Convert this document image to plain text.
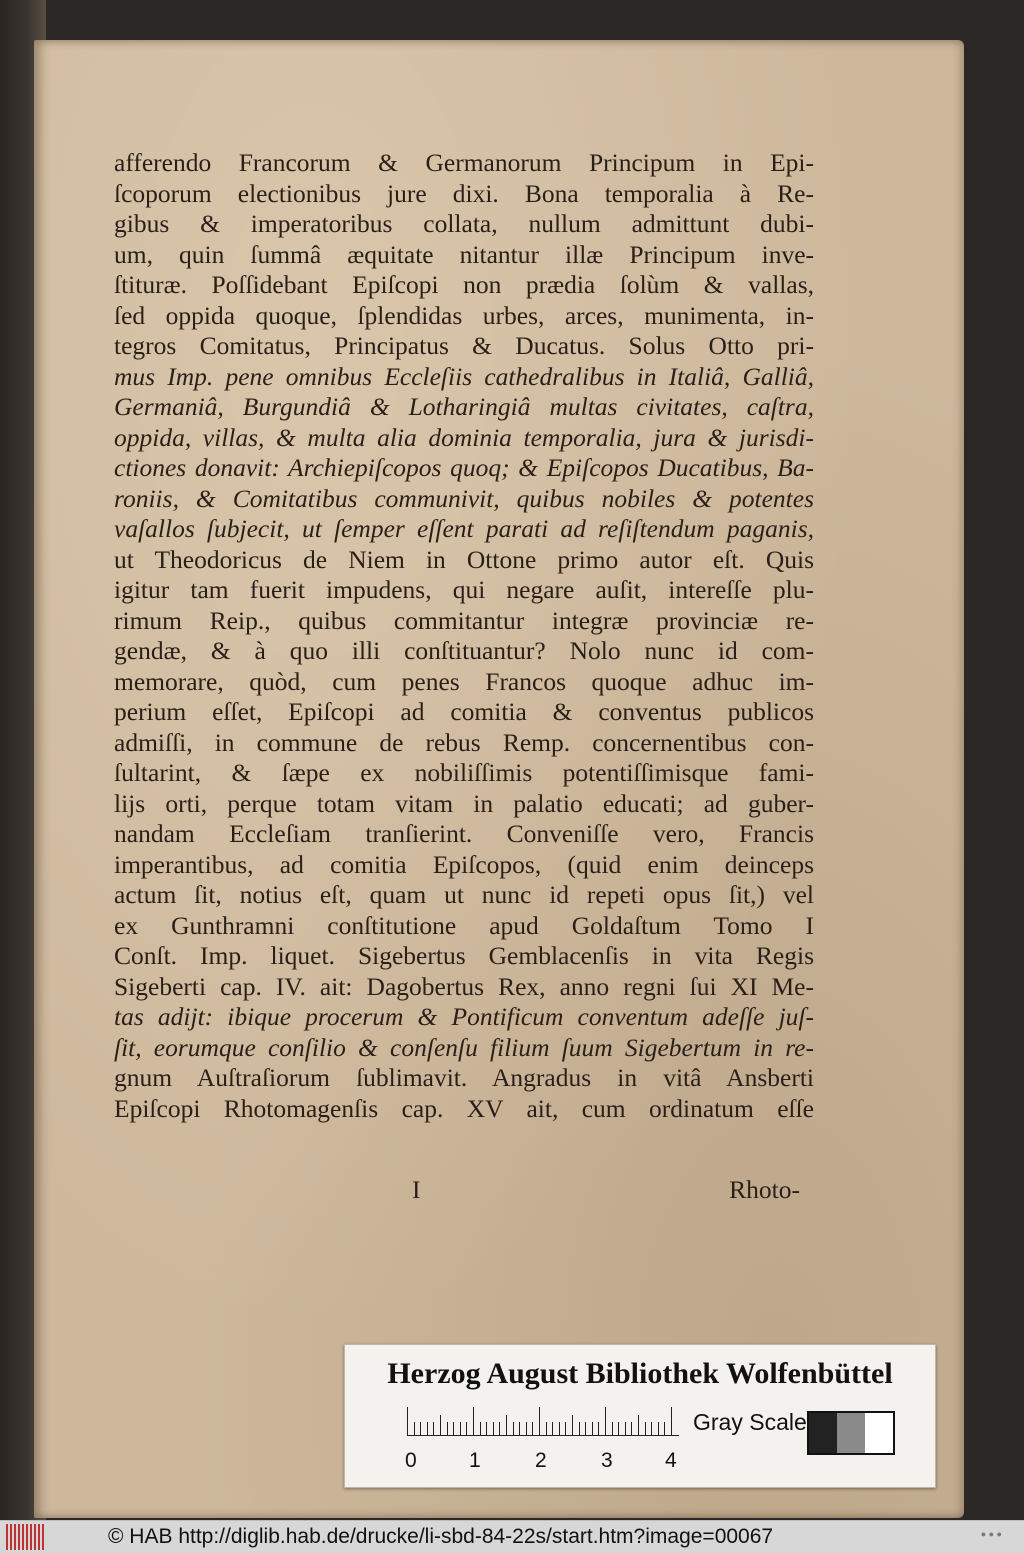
afferendo Francorum & Germanorum Principum in Epi-
ſcoporum electionibus jure dixi. Bona temporalia à Re-
gibus & imperatoribus collata, nullum admittunt dubi-
um, quin ſummâ æquitate nitantur illæ Principum inve-
ſtituræ. Poſſidebant Epiſcopi non prædia ſolùm & vallas,
ſed oppida quoque, ſplendidas urbes, arces, munimenta, in-
tegros Comitatus, Principatus & Ducatus. Solus Otto pri-
mus Imp. pene omnibus Eccleſiis cathedralibus in Italiâ, Galliâ,
Germaniâ, Burgundiâ & Lotharingiâ multas civitates, caſtra,
oppida, villas, & multa alia dominia temporalia, jura & jurisdi-
ctiones donavit: Archiepiſcopos quoq; & Epiſcopos Ducatibus, Ba-
roniis, & Comitatibus communivit, quibus nobiles & potentes
vaſallos ſubjecit, ut ſemper eſſent parati ad reſiſtendum paganis,
ut Theodoricus de Niem in Ottone primo autor eſt. Quis
igitur tam fuerit impudens, qui negare auſit, intereſſe plu-
rimum Reip., quibus commitantur integræ provinciæ re-
gendæ, & à quo illi conſtituantur? Nolo nunc id com-
memorare, quòd, cum penes Francos quoque adhuc im-
perium eſſet, Epiſcopi ad comitia & conventus publicos
admiſſi, in commune de rebus Remp. concernentibus con-
ſultarint, & ſæpe ex nobiliſſimis potentiſſimisque fami-
lijs orti, perque totam vitam in palatio educati; ad guber-
nandam Eccleſiam tranſierint. Conveniſſe vero, Francis
imperantibus, ad comitia Epiſcopos, (quid enim deinceps
actum ſit, notius eſt, quam ut nunc id repeti opus ſit,) vel
ex Gunthramni conſtitutione apud Goldaſtum Tomo I
Conſt. Imp. liquet. Sigebertus Gemblacenſis in vita Regis
Sigeberti cap. IV. ait: Dagobertus Rex, anno regni ſui XI Me-
tas adijt: ibique procerum & Pontificum conventum adeſſe juſ-
ſit, eorumque conſilio & conſenſu filium ſuum Sigebertum in re-
gnum Auſtraſiorum ſublimavit. Angradus in vitâ Ansberti
Epiſcopi Rhotomagenſis cap. XV ait, cum ordinatum eſſe
I	Rhoto-
Herzog August Bibliothek Wolfenbüttel
0 1	2	3 4
Gray Scale
© HAB http://diglib.hab.de/drucke/li-sbd-84-22s/start.htm?image=00067	● ● ●
